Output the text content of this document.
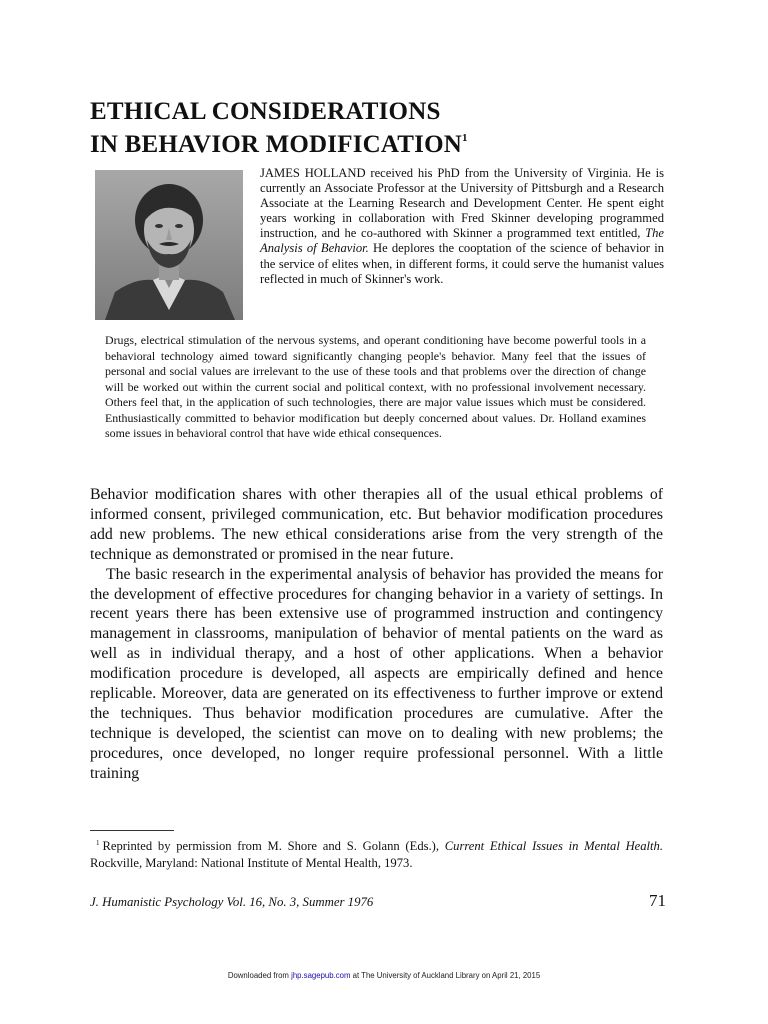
ETHICAL CONSIDERATIONS
IN BEHAVIOR MODIFICATION$^1$

JAMES HOLLAND received his PhD from the University of Virginia. He is currently an Associate Professor at the University of Pittsburgh and a Research Associate at the Learning Research and Development Center. He spent eight years working in collaboration with Fred Skinner developing programmed instruction, and he co-authored with Skinner a programmed text entitled, The Analysis of Behavior. He deplores the cooptation of the science of behavior in the service of elites when, in different forms, it could serve the humanist values reflected in much of Skinner's work.

Drugs, electrical stimulation of the nervous systems, and operant conditioning have become powerful tools in a behavioral technology aimed toward significantly changing people's behavior. Many feel that the issues of personal and social values are irrelevant to the use of these tools and that problems over the direction of change will be worked out within the current social and political context, with no professional involvement necessary. Others feel that, in the application of such technologies, there are major value issues which must be considered. Enthusiastically committed to behavior modification but deeply concerned about values. Dr. Holland examines some issues in behavioral control that have wide ethical consequences.

Behavior modification shares with other therapies all of the usual ethical problems of informed consent, privileged communication, etc. But behavior modification procedures add new problems. The new ethical considerations arise from the very strength of the technique as demonstrated or promised in the near future.

The basic research in the experimental analysis of behavior has provided the means for the development of effective procedures for changing behavior in a variety of settings. In recent years there has been extensive use of programmed instruction and contingency management in classrooms, manipulation of behavior of mental patients on the ward as well as in individual therapy, and a host of other applications. When a behavior modification procedure is developed, all aspects are empirically defined and hence replicable. Moreover, data are generated on its effectiveness to further improve or extend the techniques. Thus behavior modification procedures are cumulative. After the technique is developed, the scientist can move on to dealing with new problems; the procedures, once developed, no longer require professional personnel. With a little training

$^1$ Reprinted by permission from M. Shore and S. Golann (Eds.), Current Ethical Issues in Mental Health. Rockville, Maryland: National Institute of Mental Health, 1973.

J. Humanistic Psychology Vol. 16, No. 3, Summer 1976	71
Downloaded from jhp.sagepub.com at The University of Auckland Library on April 21, 2015
